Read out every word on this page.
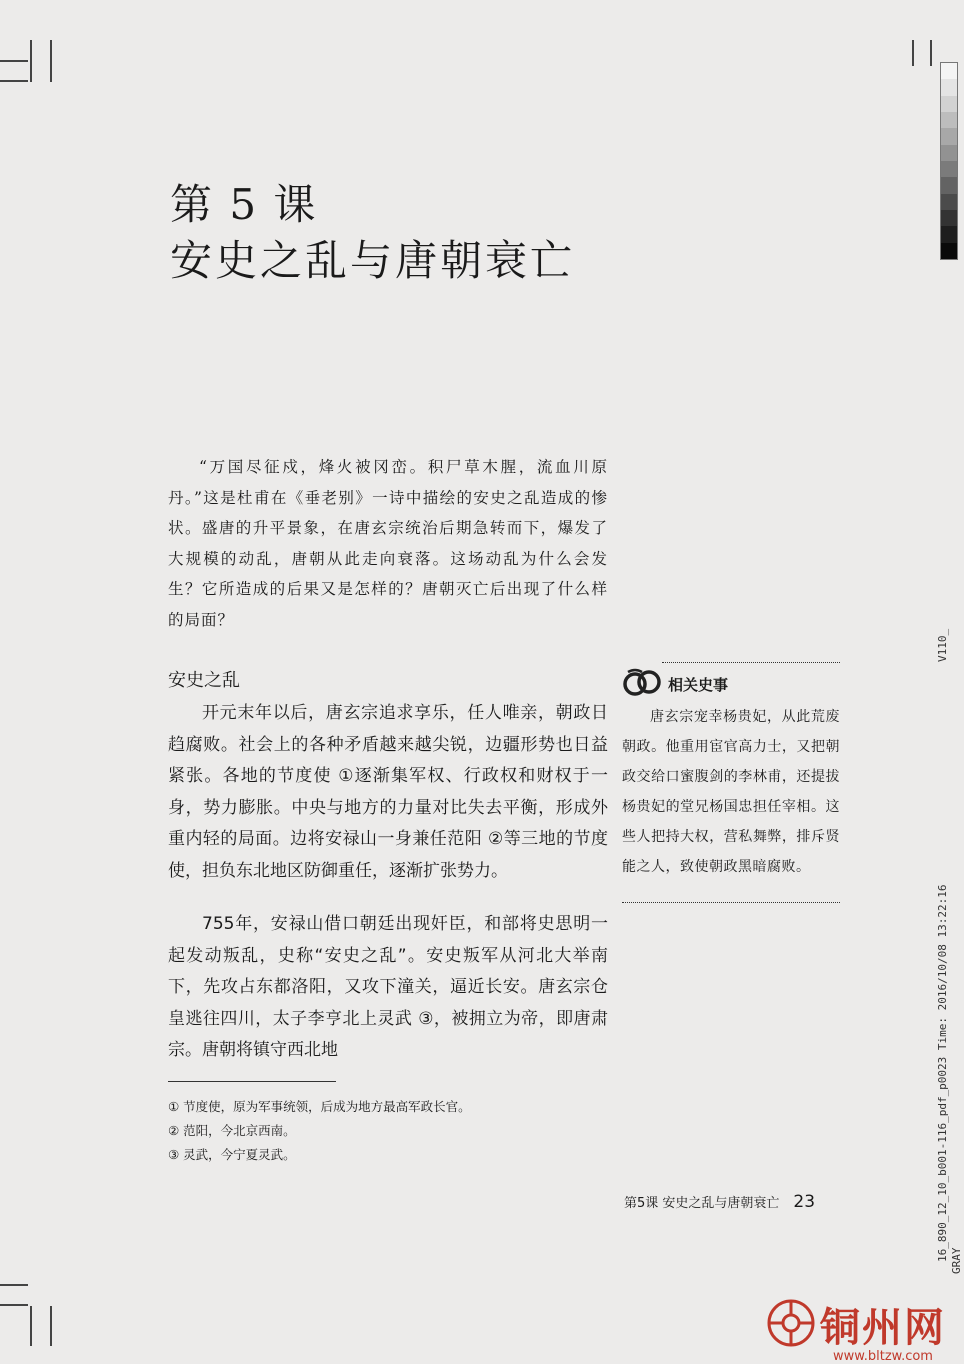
第 5 课
安史之乱与唐朝衰亡
“万国尽征戍，烽火被冈峦。积尸草木腥，流血川原丹。”这是杜甫在《垂老别》一诗中描绘的安史之乱造成的惨状。盛唐的升平景象，在唐玄宗统治后期急转而下，爆发了大规模的动乱，唐朝从此走向衰落。这场动乱为什么会发生？它所造成的后果又是怎样的？唐朝灭亡后出现了什么样的局面？
安史之乱
开元末年以后，唐玄宗追求享乐，任人唯亲，朝政日趋腐败。社会上的各种矛盾越来越尖锐，边疆形势也日益紧张。各地的节度使 ①逐渐集军权、行政权和财权于一身，势力膨胀。中央与地方的力量对比失去平衡，形成外重内轻的局面。边将安禄山一身兼任范阳 ②等三地的节度使，担负东北地区防御重任，逐渐扩张势力。
755年，安禄山借口朝廷出现奸臣，和部将史思明一起发动叛乱，史称“安史之乱”。安史叛军从河北大举南下，先攻占东都洛阳，又攻下潼关，逼近长安。唐玄宗仓皇逃往四川，太子李亨北上灵武 ③，被拥立为帝，即唐肃宗。唐朝将镇守西北地
① 节度使，原为军事统领，后成为地方最高军政长官。
② 范阳，今北京西南。
③ 灵武，今宁夏灵武。
相关史事
唐玄宗宠幸杨贵妃，从此荒废朝政。他重用宦官高力士，又把朝政交给口蜜腹剑的李林甫，还提拔杨贵妃的堂兄杨国忠担任宰相。这些人把持大权，营私舞弊，排斥贤能之人，致使朝政黑暗腐败。
第5课 安史之乱与唐朝衰亡 23
V110_
16_890_12_10_b001-116_pdf_p0023 Time: 2016/10/08 13:22:16 GRAY
铜州网
www.bltzw.com
